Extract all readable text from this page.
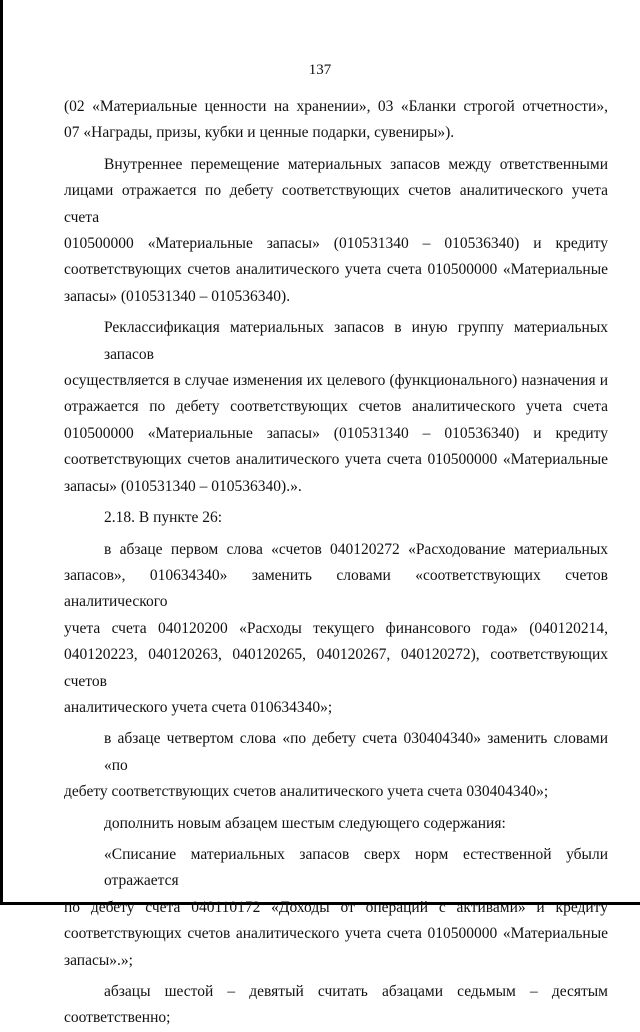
137
(02 «Материальные ценности на хранении», 03 «Бланки строгой отчетности»,
07 «Награды, призы, кубки и ценные подарки, сувениры»).
Внутреннее перемещение материальных запасов между ответственными
лицами отражается по дебету соответствующих счетов аналитического учета счета
010500000 «Материальные запасы» (010531340 – 010536340) и кредиту
соответствующих счетов аналитического учета счета 010500000 «Материальные
запасы» (010531340 – 010536340).
Реклассификация материальных запасов в иную группу материальных запасов
осуществляется в случае изменения их целевого (функционального) назначения и
отражается по дебету соответствующих счетов аналитического учета счета
010500000 «Материальные запасы» (010531340 – 010536340) и кредиту
соответствующих счетов аналитического учета счета 010500000 «Материальные
запасы» (010531340 – 010536340).».
2.18. В пункте 26:
в абзаце первом слова «счетов 040120272 «Расходование материальных
запасов», 010634340» заменить словами «соответствующих счетов аналитического
учета счета 040120200 «Расходы текущего финансового года» (040120214,
040120223, 040120263, 040120265, 040120267, 040120272), соответствующих счетов
аналитического учета счета 010634340»;
в абзаце четвертом слова «по дебету счета 030404340» заменить словами «по
дебету соответствующих счетов аналитического учета счета 030404340»;
дополнить новым абзацем шестым следующего содержания:
«Списание материальных запасов сверх норм естественной убыли отражается
по дебету счета 040110172 «Доходы от операций с активами» и кредиту
соответствующих счетов аналитического учета счета 010500000 «Материальные
запасы».»;
абзацы шестой – девятый считать абзацами седьмым – десятым
соответственно;
